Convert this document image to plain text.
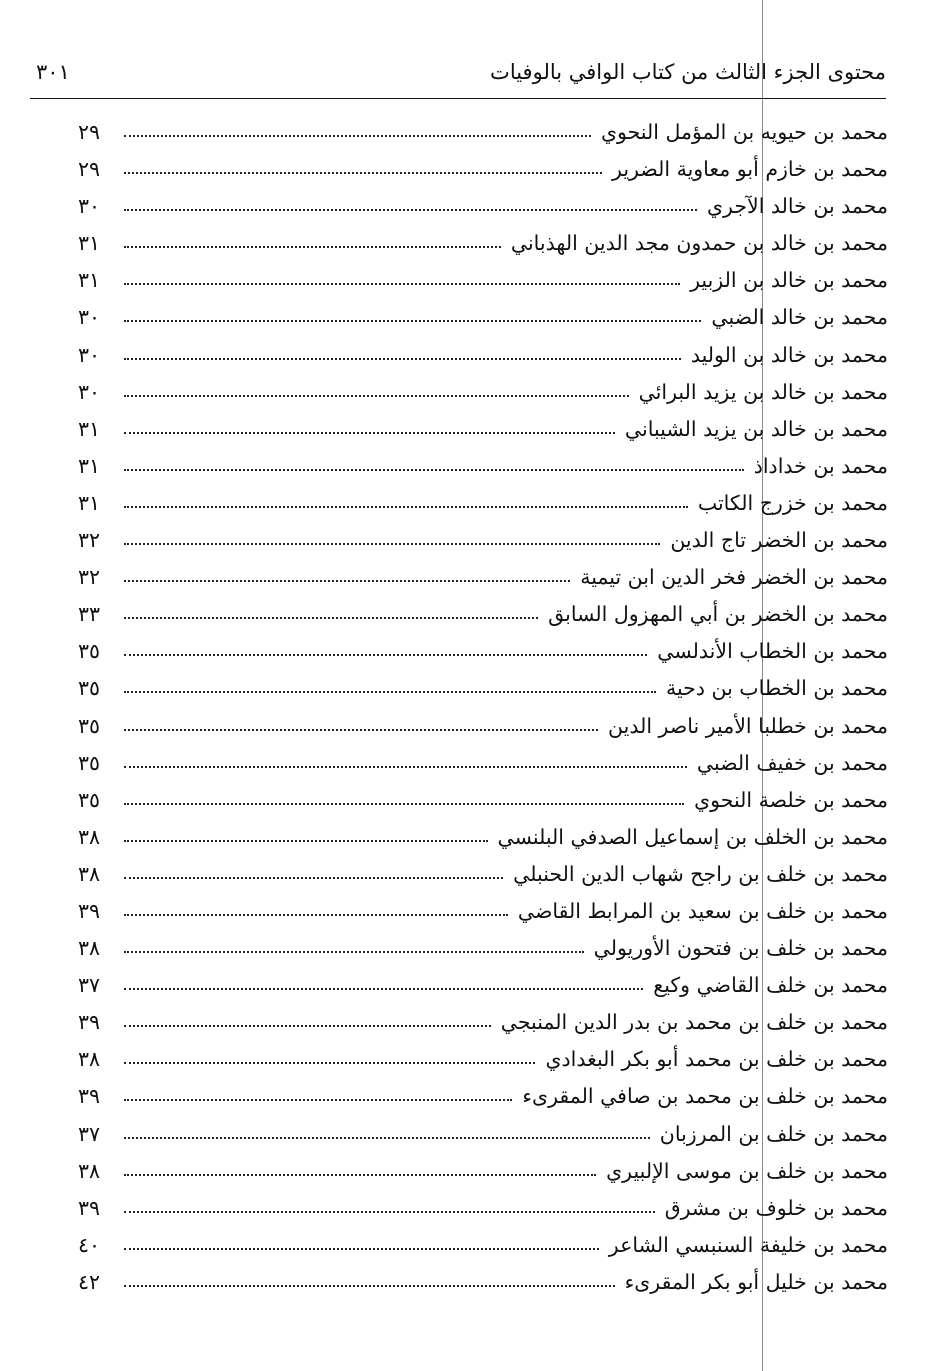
محتوى الجزء الثالث من كتاب الوافي بالوفيات
٣٠١
محمد بن حيويه بن المؤمل النحوي
٢٩
محمد بن خازم أبو معاوية الضرير
٢٩
محمد بن خالد الآجري
٣٠
محمد بن خالد بن حمدون مجد الدين الهذباني
٣١
محمد بن خالد بن الزبير
٣١
محمد بن خالد الضبي
٣٠
محمد بن خالد بن الوليد
٣٠
محمد بن خالد بن يزيد البرائي
٣٠
محمد بن خالد بن يزيد الشيباني
٣١
محمد بن خداداذ
٣١
محمد بن خزرج الكاتب
٣١
محمد بن الخضر تاج الدين
٣٢
محمد بن الخضر فخر الدين ابن تيمية
٣٢
محمد بن الخضر بن أبي المهزول السابق
٣٣
محمد بن الخطاب الأندلسي
٣٥
محمد بن الخطاب بن دحية
٣٥
محمد بن خطلبا الأمير ناصر الدين
٣٥
محمد بن خفيف الضبي
٣٥
محمد بن خلصة النحوي
٣٥
محمد بن الخلف بن إسماعيل الصدفي البلنسي
٣٨
محمد بن خلف بن راجح شهاب الدين الحنبلي
٣٨
محمد بن خلف بن سعيد بن المرابط القاضي
٣٩
محمد بن خلف بن فتحون الأوريولي
٣٨
محمد بن خلف القاضي وكيع
٣٧
محمد بن خلف بن محمد بن بدر الدين المنبجي
٣٩
محمد بن خلف بن محمد أبو بكر البغدادي
٣٨
محمد بن خلف بن محمد بن صافي المقرىء
٣٩
محمد بن خلف بن المرزبان
٣٧
محمد بن خلف بن موسى الإلبيري
٣٨
محمد بن خلوف بن مشرق
٣٩
محمد بن خليفة السنبسي الشاعر
٤٠
محمد بن خليل أبو بكر المقرىء
٤٢
